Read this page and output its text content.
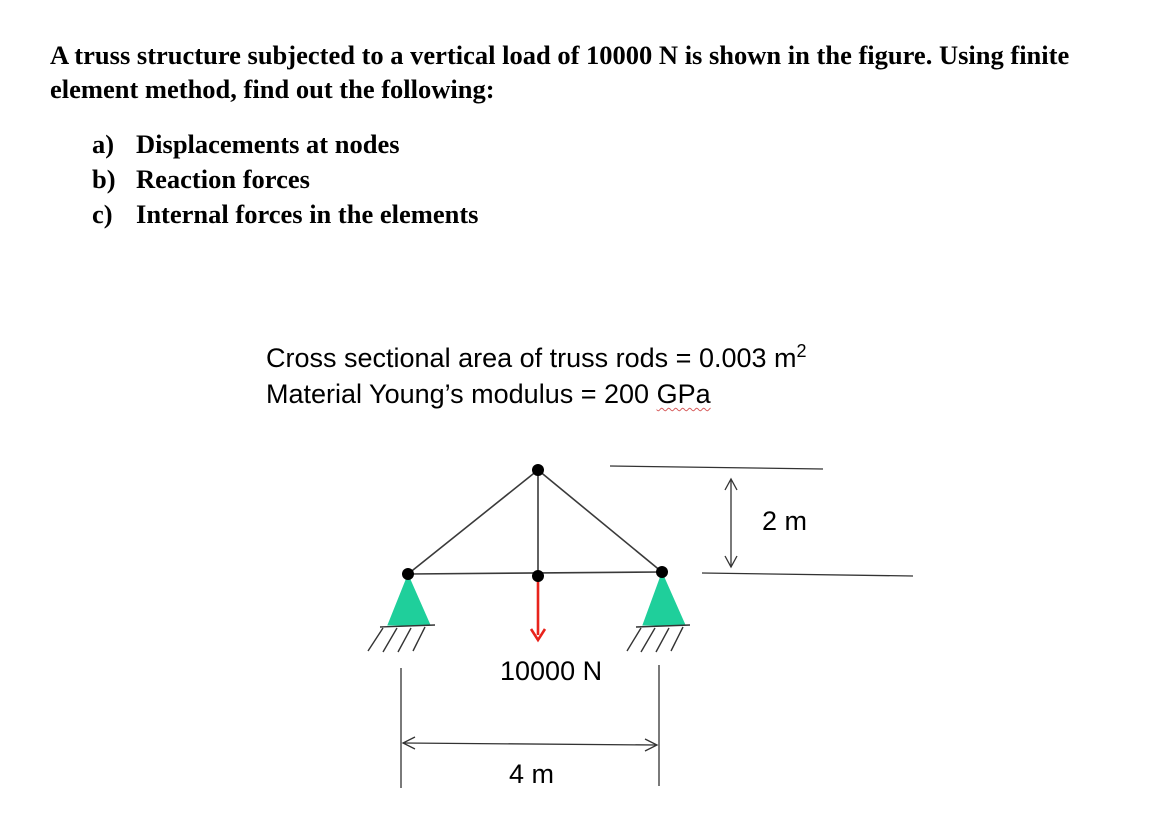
A truss structure subjected to a vertical load of 10000 N is shown in the figure. Using finite element method, find out the following:
a) Displacements at nodes
b) Reaction forces
c) Internal forces in the elements
Cross sectional area of truss rods = 0.003 $m^2$
Material Young’s modulus = 200 GPa
2 m
10000 N
4 m
